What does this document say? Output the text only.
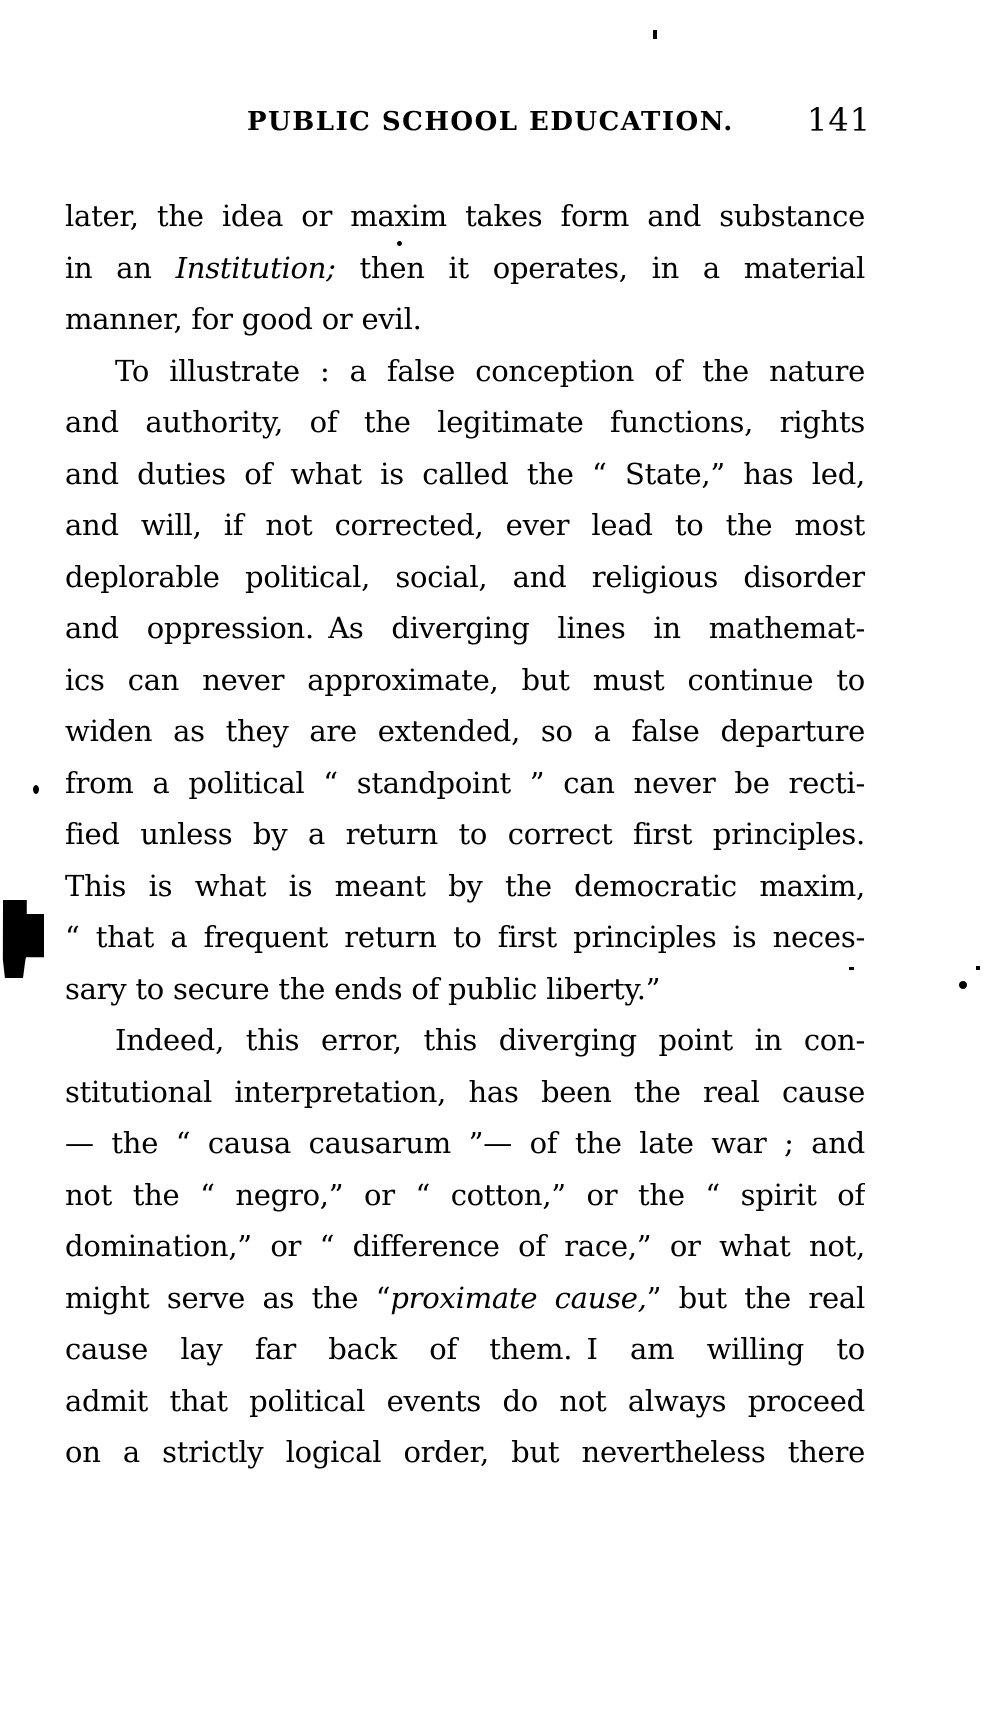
PUBLIC SCHOOL EDUCATION. 141
later, the idea or maxim takes form and substance
in an Institution; then it operates, in a material
manner, for good or evil.
To illustrate : a false conception of the nature
and authority, of the legitimate functions, rights
and duties of what is called the “ State,” has led,
and will, if not corrected, ever lead to the most
deplorable political, social, and religious disorder
and oppression. As diverging lines in mathemat-
ics can never approximate, but must continue to
widen as they are extended, so a false departure
from a political “ standpoint ” can never be recti-
fied unless by a return to correct first principles.
This is what is meant by the democratic maxim,
“ that a frequent return to first principles is neces-
sary to secure the ends of public liberty.”
Indeed, this error, this diverging point in con-
stitutional interpretation, has been the real cause
— the “ causa causarum ”— of the late war ; and
not the “ negro,” or “ cotton,” or the “ spirit of
domination,” or “ difference of race,” or what not,
might serve as the “proximate cause,” but the real
cause lay far back of them. I am willing to
admit that political events do not always proceed
on a strictly logical order, but nevertheless there
